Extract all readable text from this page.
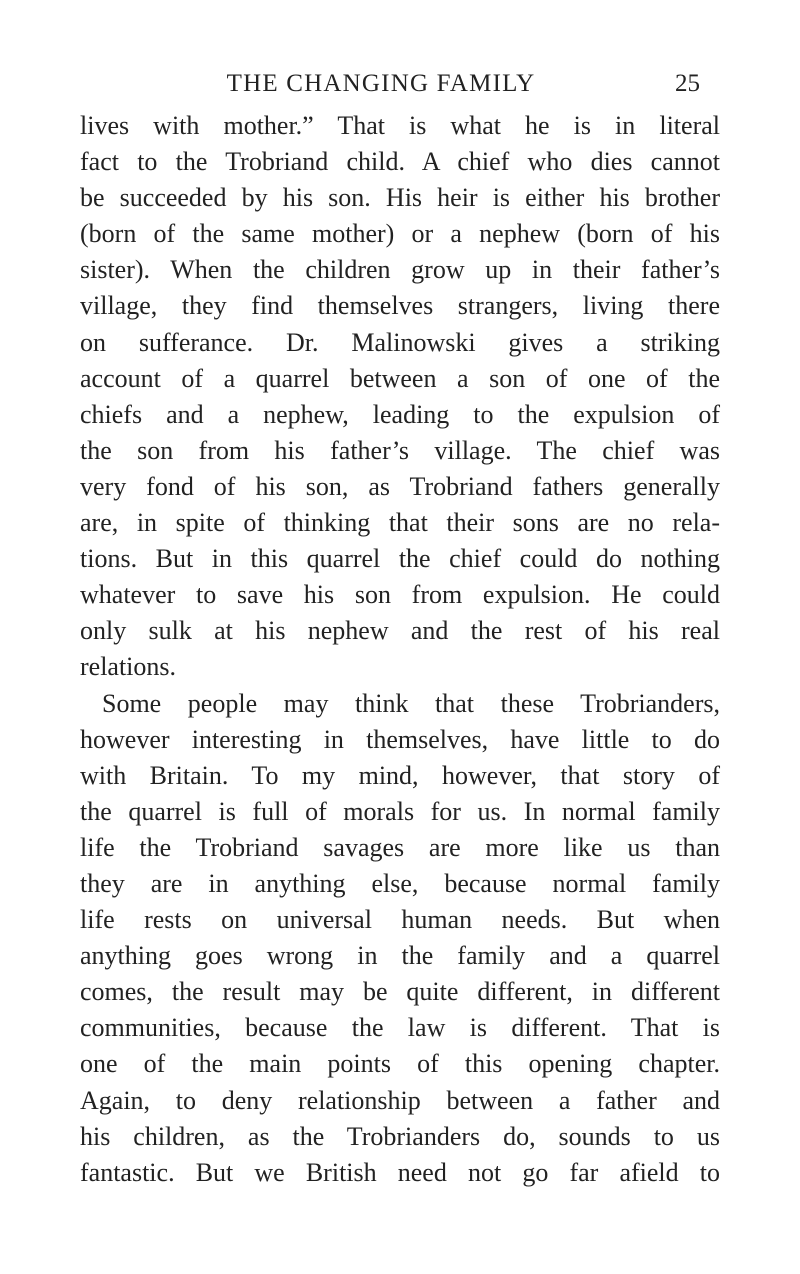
THE CHANGING FAMILY	25
lives with mother.” That is what he is in literal
fact to the Trobriand child. A chief who dies cannot
be succeeded by his son. His heir is either his brother
(born of the same mother) or a nephew (born of his
sister). When the children grow up in their father’s
village, they find themselves strangers, living there
on sufferance. Dr. Malinowski gives a striking
account of a quarrel between a son of one of the
chiefs and a nephew, leading to the expulsion of
the son from his father’s village. The chief was
very fond of his son, as Trobriand fathers generally
are, in spite of thinking that their sons are no rela-
tions. But in this quarrel the chief could do nothing
whatever to save his son from expulsion. He could
only sulk at his nephew and the rest of his real
relations.
Some people may think that these Trobrianders,
however interesting in themselves, have little to do
with Britain. To my mind, however, that story of
the quarrel is full of morals for us. In normal family
life the Trobriand savages are more like us than
they are in anything else, because normal family
life rests on universal human needs. But when
anything goes wrong in the family and a quarrel
comes, the result may be quite different, in different
communities, because the law is different. That is
one of the main points of this opening chapter.
Again, to deny relationship between a father and
his children, as the Trobrianders do, sounds to us
fantastic. But we British need not go far afield to
